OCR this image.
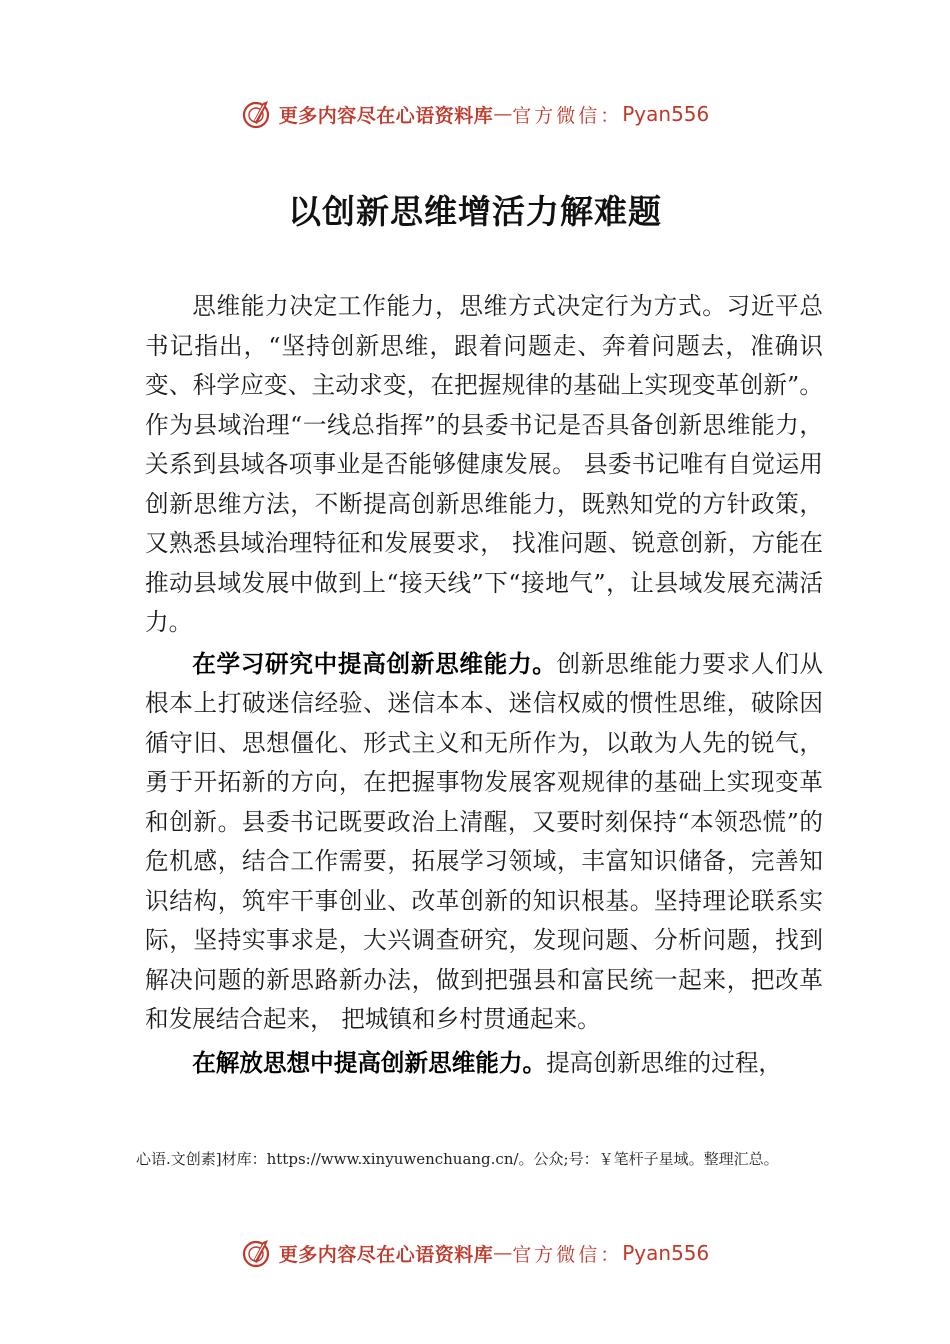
更多内容尽在心语资料库 — 官方微信： Pyan556
以创新思维增活力解难题

思维能力决定工作能力，思维方式决定行为方式。习近平总书记指出，“坚持创新思维，跟着问题走、奔着问题去，准确识变、科学应变、主动求变，在把握规律的基础上实现变革创新”。作为县域治理“一线总指挥”的县委书记是否具备创新思维能力，关系到县域各项事业是否能够健康发展。 县委书记唯有自觉运用创新思维方法，不断提高创新思维能力，既熟知党的方针政策，又熟悉县域治理特征和发展要求， 找准问题、锐意创新，方能在推动县域发展中做到上“接天线”下“接地气”，让县域发展充满活力。

在学习研究中提高创新思维能力。创新思维能力要求人们从根本上打破迷信经验、迷信本本、迷信权威的惯性思维，破除因循守旧、思想僵化、形式主义和无所作为，以敢为人先的锐气，勇于开拓新的方向，在把握事物发展客观规律的基础上实现变革和创新。县委书记既要政治上清醒，又要时刻保持“本领恐慌”的危机感，结合工作需要，拓展学习领域，丰富知识储备，完善知识结构，筑牢干事创业、改革创新的知识根基。坚持理论联系实际，坚持实事求是，大兴调查研究，发现问题、分析问题，找到解决问题的新思路新办法，做到把强县和富民统一起来，把改革和发展结合起来， 把城镇和乡村贯通起来。

在解放思想中提高创新思维能力。提高创新思维的过程，

心语.文创素]材库：https://www.xinyuwenchuang.cn/。公众;号：￥笔杆子星域。整理汇总。
更多内容尽在心语资料库 — 官方微信： Pyan556
